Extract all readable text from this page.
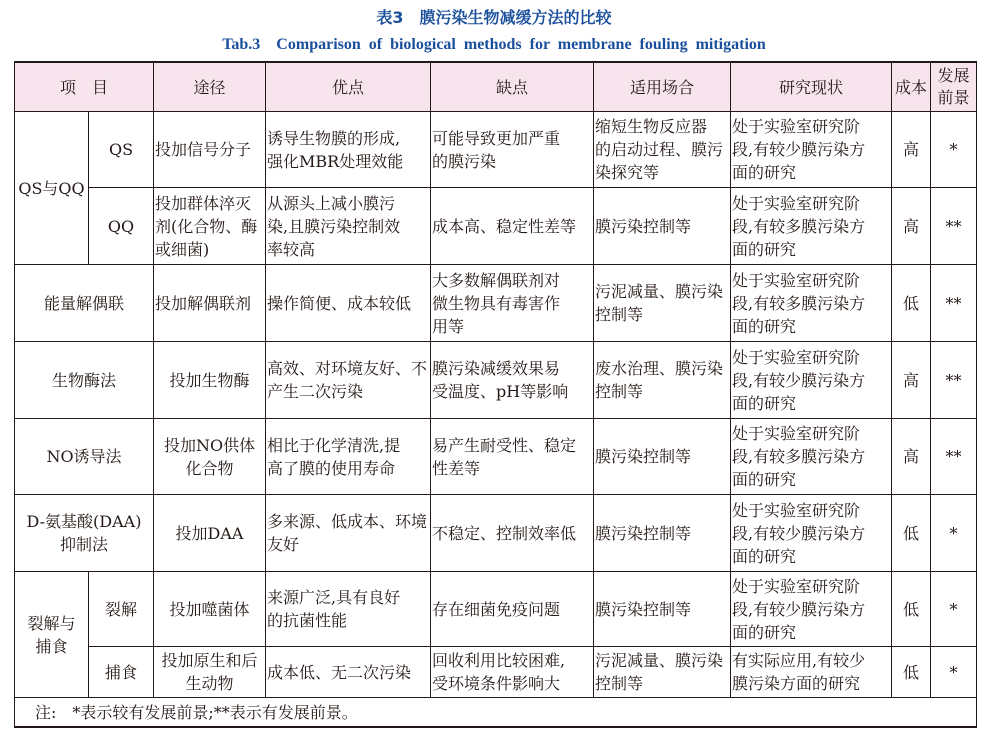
表3　膜污染生物减缓方法的比较
Tab.3　Comparison of biological methods for membrane fouling mitigation
项　目		途径	优点	缺点	适用场合	研究现状	成本	发展
前景
QS与QQ	QS	投加信号分子	诱导生物膜的形成,
强化MBR处理效能	可能导致更加严重
的膜污染	缩短生物反应器
的启动过程、膜污
染探究等	处于实验室研究阶
段,有较少膜污染方
面的研究	高	*
	QQ	投加群体淬灭
剂(化合物、酶
或细菌)	从源头上减小膜污
染,且膜污染控制效
率较高	成本高、稳定性差等	膜污染控制等	处于实验室研究阶
段,有较多膜污染方
面的研究	高	**
能量解偶联		投加解偶联剂	操作简便、成本较低	大多数解偶联剂对
微生物具有毒害作
用等	污泥减量、膜污染
控制等	处于实验室研究阶
段,有较多膜污染方
面的研究	低	**
生物酶法		投加生物酶	高效、对环境友好、不
产生二次污染	膜污染减缓效果易
受温度、pH等影响	废水治理、膜污染
控制等	处于实验室研究阶
段,有较少膜污染方
面的研究	高	**
NO诱导法		投加NO供体
化合物	相比于化学清洗,提
高了膜的使用寿命	易产生耐受性、稳定
性差等	膜污染控制等	处于实验室研究阶
段,有较多膜污染方
面的研究	高	**
D-氨基酸(DAA)
抑制法		投加DAA	多来源、低成本、环境
友好	不稳定、控制效率低	膜污染控制等	处于实验室研究阶
段,有较少膜污染方
面的研究	低	*
裂解与
捕食	裂解	投加噬菌体	来源广泛,具有良好
的抗菌性能	存在细菌免疫问题	膜污染控制等	处于实验室研究阶
段,有较少膜污染方
面的研究	低	*
	捕食	投加原生和后
生动物	成本低、无二次污染	回收利用比较困难,
受环境条件影响大	污泥减量、膜污染
控制等	有实际应用,有较少
膜污染方面的研究	低	*
注:　*表示较有发展前景;**表示有发展前景。								
